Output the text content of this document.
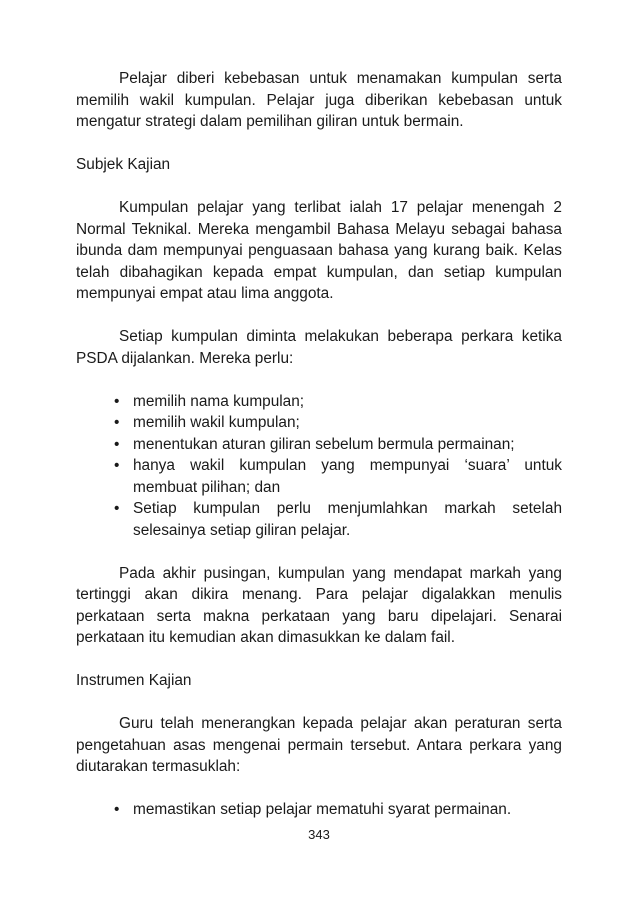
Pelajar diberi kebebasan untuk menamakan kumpulan serta memilih wakil kumpulan. Pelajar juga diberikan kebebasan untuk mengatur strategi dalam pemilihan giliran untuk bermain.

Subjek Kajian

Kumpulan pelajar yang terlibat ialah 17 pelajar menengah 2 Normal Teknikal. Mereka mengambil Bahasa Melayu sebagai bahasa ibunda dam mempunyai penguasaan bahasa yang kurang baik. Kelas telah dibahagikan kepada empat kumpulan, dan setiap kumpulan mempunyai empat atau lima anggota.

Setiap kumpulan diminta melakukan beberapa perkara ketika PSDA dijalankan. Mereka perlu:

• memilih nama kumpulan;
• memilih wakil kumpulan;
• menentukan aturan giliran sebelum bermula permainan;
• hanya wakil kumpulan yang mempunyai ‘suara’ untuk membuat pilihan; dan
• Setiap kumpulan perlu menjumlahkan markah setelah selesainya setiap giliran pelajar.

Pada akhir pusingan, kumpulan yang mendapat markah yang tertinggi akan dikira menang. Para pelajar digalakkan menulis perkataan serta makna perkataan yang baru dipelajari. Senarai perkataan itu kemudian akan dimasukkan ke dalam fail.

Instrumen Kajian

Guru telah menerangkan kepada pelajar akan peraturan serta pengetahuan asas mengenai permain tersebut. Antara perkara yang diutarakan termasuklah:

• memastikan setiap pelajar mematuhi syarat permainan.
343
